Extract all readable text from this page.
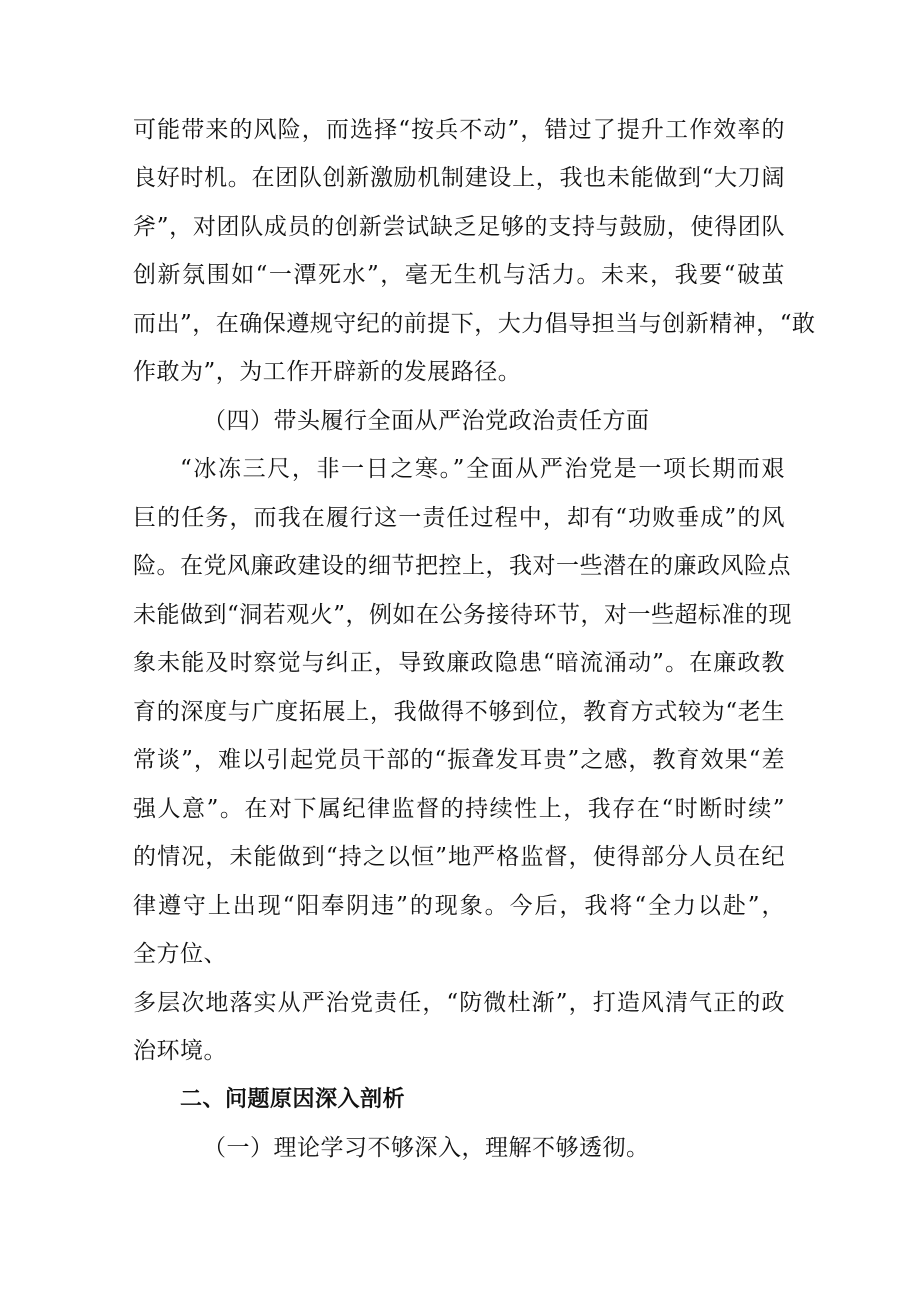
可能带来的风险，而选择“按兵不动”，错过了提升工作效率的
良好时机。在团队创新激励机制建设上，我也未能做到“大刀阔
斧”，对团队成员的创新尝试缺乏足够的支持与鼓励，使得团队
创新氛围如“一潭死水”，毫无生机与活力。未来，我要“破茧
而出”，在确保遵规守纪的前提下，大力倡导担当与创新精神，“敢
作敢为”，为工作开辟新的发展路径。
（四）带头履行全面从严治党政治责任方面
“冰冻三尺，非一日之寒。”全面从严治党是一项长期而艰
巨的任务，而我在履行这一责任过程中，却有“功败垂成”的风
险。在党风廉政建设的细节把控上，我对一些潜在的廉政风险点
未能做到“洞若观火”，例如在公务接待环节，对一些超标准的现
象未能及时察觉与纠正，导致廉政隐患“暗流涌动”。在廉政教
育的深度与广度拓展上，我做得不够到位，教育方式较为“老生
常谈”，难以引起党员干部的“振聋发耳贵”之感，教育效果“差
强人意”。在对下属纪律监督的持续性上，我存在“时断时续”
的情况，未能做到“持之以恒”地严格监督，使得部分人员在纪
律遵守上出现“阳奉阴违”的现象。今后，我将“全力以赴”，
全方位、
多层次地落实从严治党责任，“防微杜渐”，打造风清气正的政
治环境。
二、问题原因深入剖析
（一）理论学习不够深入，理解不够透彻。
